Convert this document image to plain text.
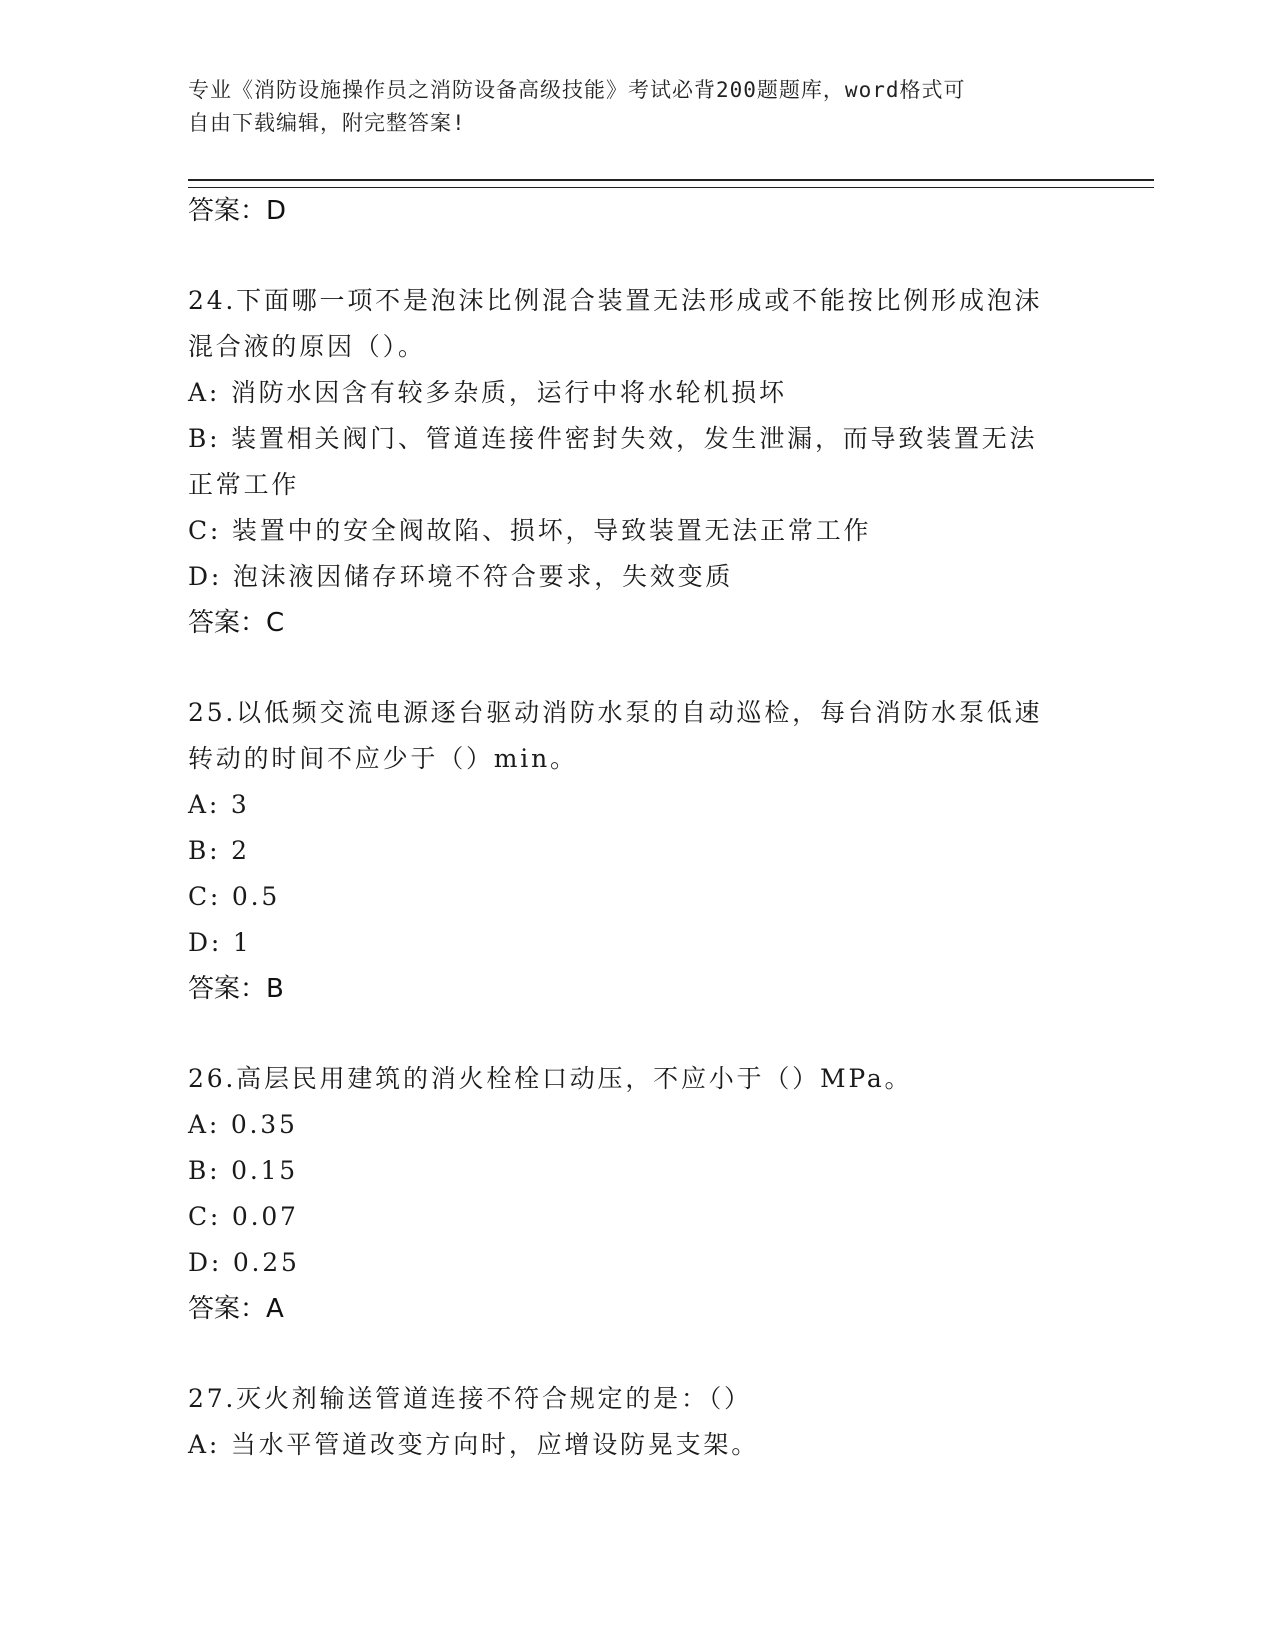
专业《消防设施操作员之消防设备高级技能》考试必背200题题库，word格式可
自由下载编辑，附完整答案!
答案：D
24.下面哪一项不是泡沫比例混合装置无法形成或不能按比例形成泡沫
混合液的原因（）。
A: 消防水因含有较多杂质，运行中将水轮机损坏
B: 装置相关阀门、管道连接件密封失效，发生泄漏，而导致装置无法
正常工作
C: 装置中的安全阀故陷、损坏，导致装置无法正常工作
D: 泡沫液因储存环境不符合要求，失效变质
答案：C
25.以低频交流电源逐台驱动消防水泵的自动巡检，每台消防水泵低速
转动的时间不应少于（）min。
A: 3
B: 2
C: 0.5
D: 1
答案：B
26.高层民用建筑的消火栓栓口动压，不应小于（）MPa。
A: 0.35
B: 0.15
C: 0.07
D: 0.25
答案：A
27.灭火剂输送管道连接不符合规定的是：（）
A: 当水平管道改变方向时，应增设防晃支架。
